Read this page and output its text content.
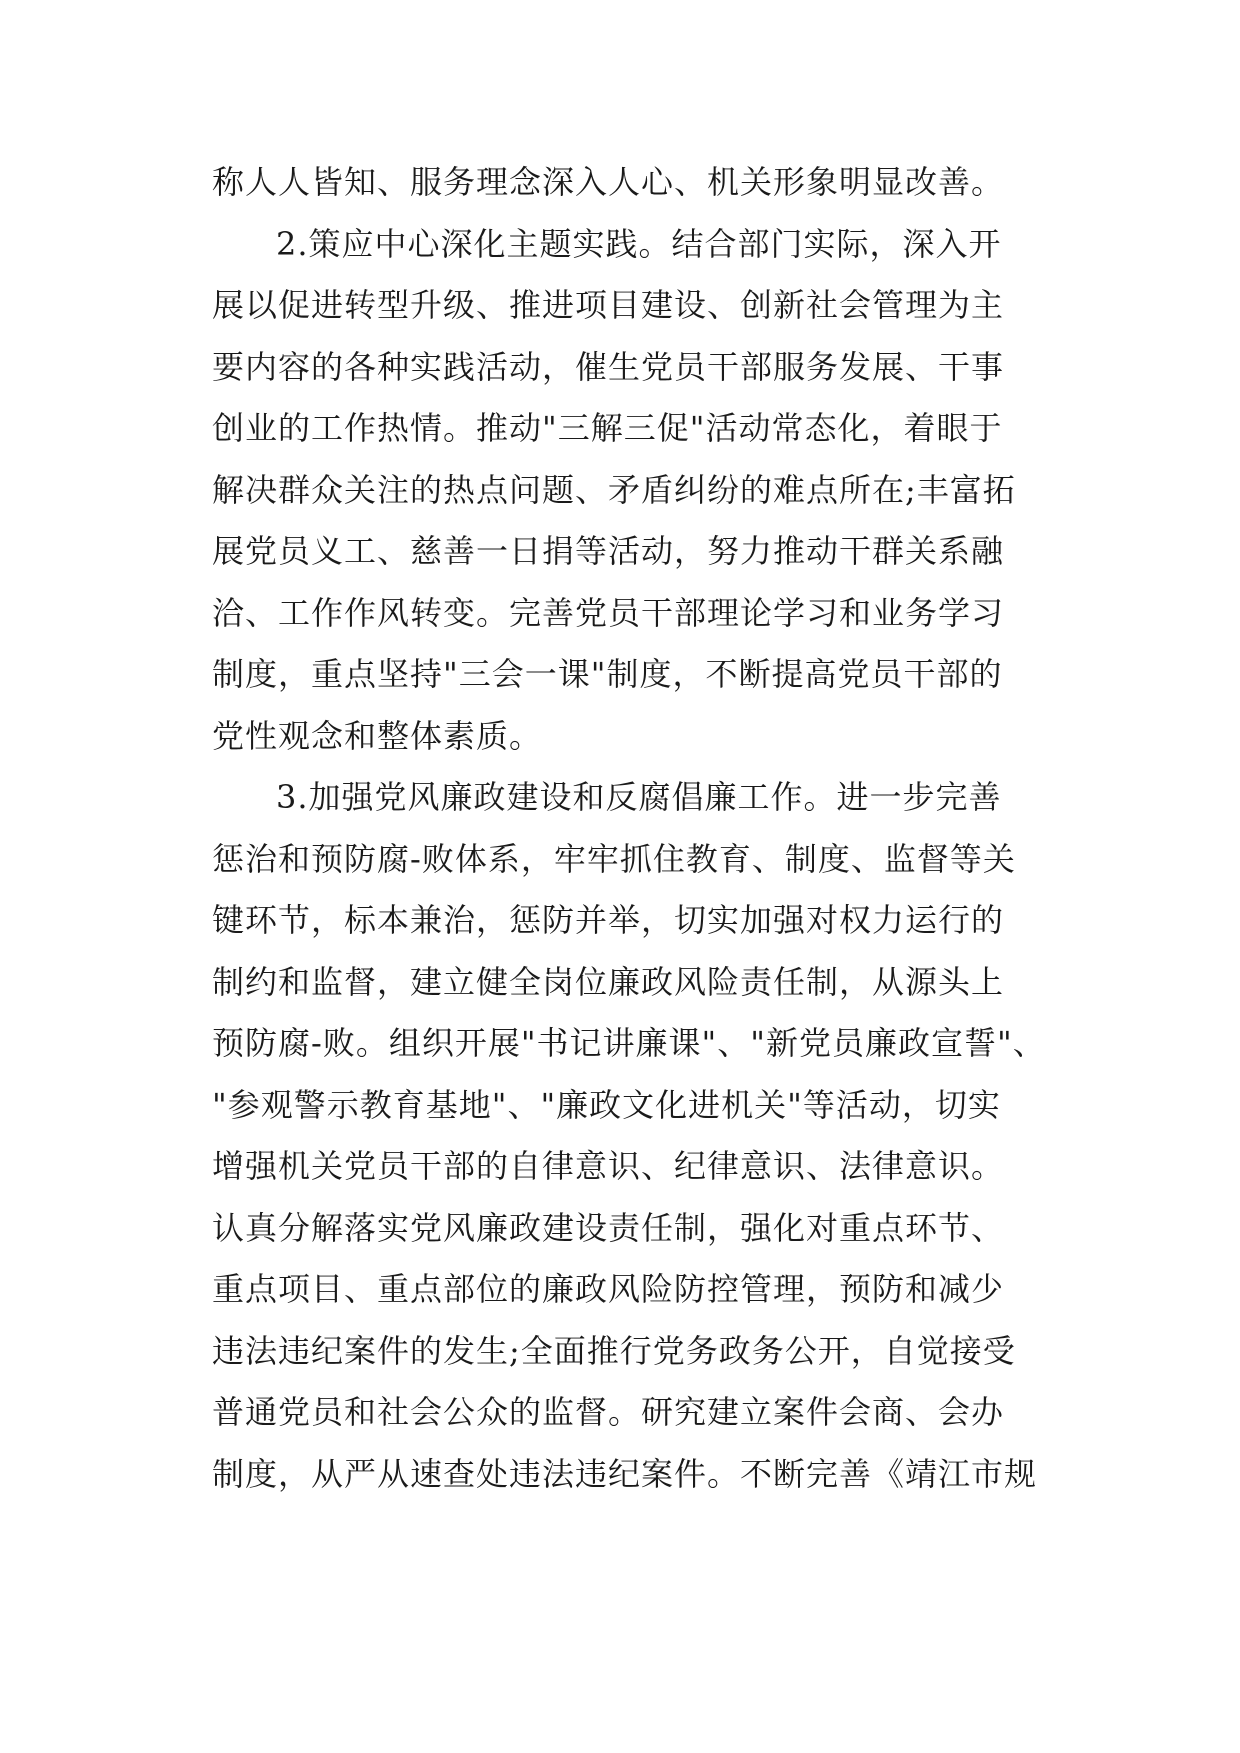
称人人皆知、服务理念深入人心、机关形象明显改善。
2.策应中心深化主题实践。结合部门实际，深入开
展以促进转型升级、推进项目建设、创新社会管理为主
要内容的各种实践活动，催生党员干部服务发展、干事
创业的工作热情。推动"三解三促"活动常态化，着眼于
解决群众关注的热点问题、矛盾纠纷的难点所在;丰富拓
展党员义工、慈善一日捐等活动，努力推动干群关系融
洽、工作作风转变。完善党员干部理论学习和业务学习
制度，重点坚持"三会一课"制度，不断提高党员干部的
党性观念和整体素质。
3.加强党风廉政建设和反腐倡廉工作。进一步完善
惩治和预防腐-败体系，牢牢抓住教育、制度、监督等关
键环节，标本兼治，惩防并举，切实加强对权力运行的
制约和监督，建立健全岗位廉政风险责任制，从源头上
预防腐-败。组织开展"书记讲廉课"、"新党员廉政宣誓"、
"参观警示教育基地"、"廉政文化进机关"等活动，切实
增强机关党员干部的自律意识、纪律意识、法律意识。
认真分解落实党风廉政建设责任制，强化对重点环节、
重点项目、重点部位的廉政风险防控管理，预防和减少
违法违纪案件的发生;全面推行党务政务公开，自觉接受
普通党员和社会公众的监督。研究建立案件会商、会办
制度，从严从速查处违法违纪案件。不断完善《靖江市规
